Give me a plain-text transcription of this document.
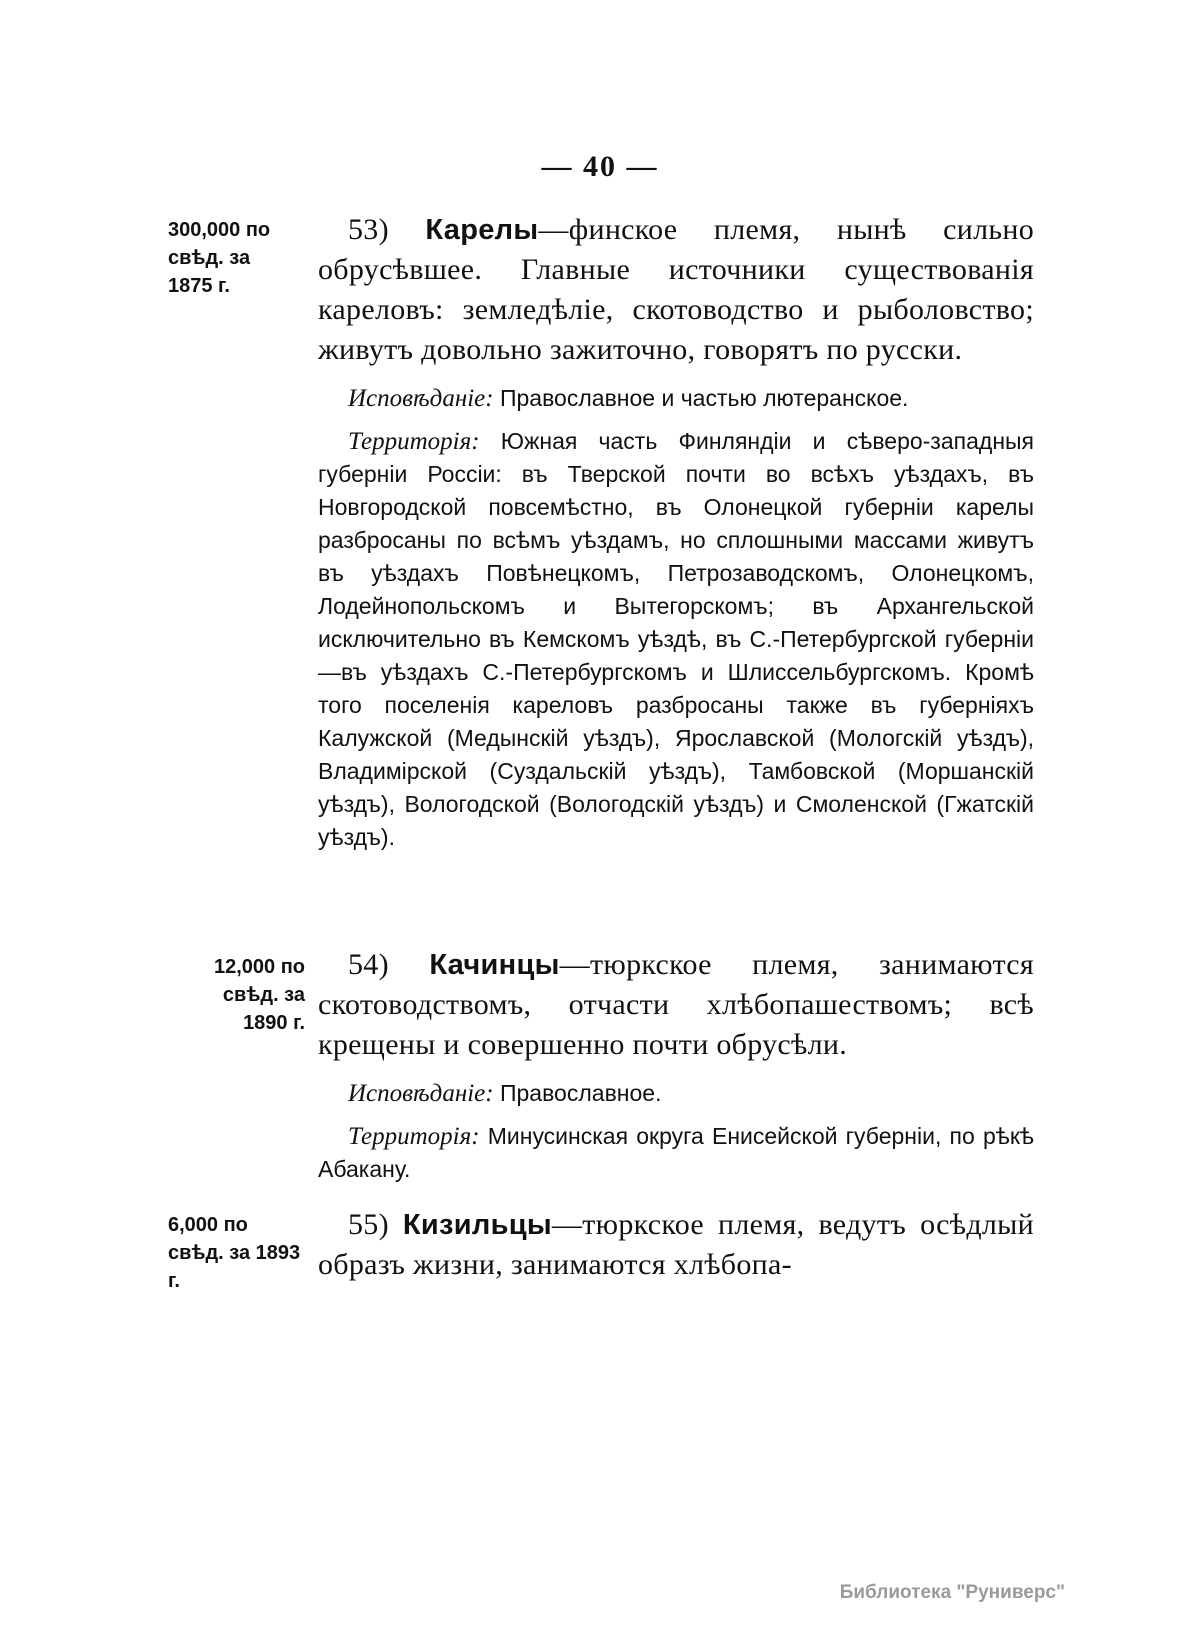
— 40 —
300,000 по свѣд. за 1875 г.

53) Карелы—финское племя, нынѣ сильно обрусѣвшее. Главные источники существованія кареловъ: земледѣліе, скотоводство и рыболовство; живутъ довольно зажиточно, говорятъ по русски.

Исповѣданіе: Православное и частью лютеранское.

Территорія: Южная часть Финляндіи и сѣверо-западныя губерніи Россіи: въ Тверской почти во всѣхъ уѣздахъ, въ Новгородской повсемѣстно, въ Олонецкой губерніи карелы разбросаны по всѣмъ уѣздамъ, но сплошными массами живутъ въ уѣздахъ Повѣнецкомъ, Петрозаводскомъ, Олонецкомъ, Лодейнопольскомъ и Вытегорскомъ; въ Архангельской исключительно въ Кемскомъ уѣздѣ, въ С.-Петербургской губерніи—въ уѣздахъ С.-Петербургскомъ и Шлиссельбургскомъ. Кромѣ того поселенія кареловъ разбросаны также въ губерніяхъ Калужской (Медынскій уѣздъ), Ярославской (Мологскій уѣздъ), Владимірской (Суздальскій уѣздъ), Тамбовской (Моршанскій уѣздъ), Вологодской (Вологодскій уѣздъ) и Смоленской (Гжатскій уѣздъ).

12,000 по свѣд. за 1890 г.

54) Качинцы—тюркское племя, занимаются скотоводствомъ, отчасти хлѣбопашествомъ; всѣ крещены и совершенно почти обрусѣли.

Исповѣданіе: Православное.

Территорія: Минусинская округа Енисейской губерніи, по рѣкѣ Абакану.

6,000 по свѣд. за 1893 г.

55) Кизильцы—тюркское племя, ведутъ осѣдлый образъ жизни, занимаются хлѣбопа-

Библиотека "Руниверс"
